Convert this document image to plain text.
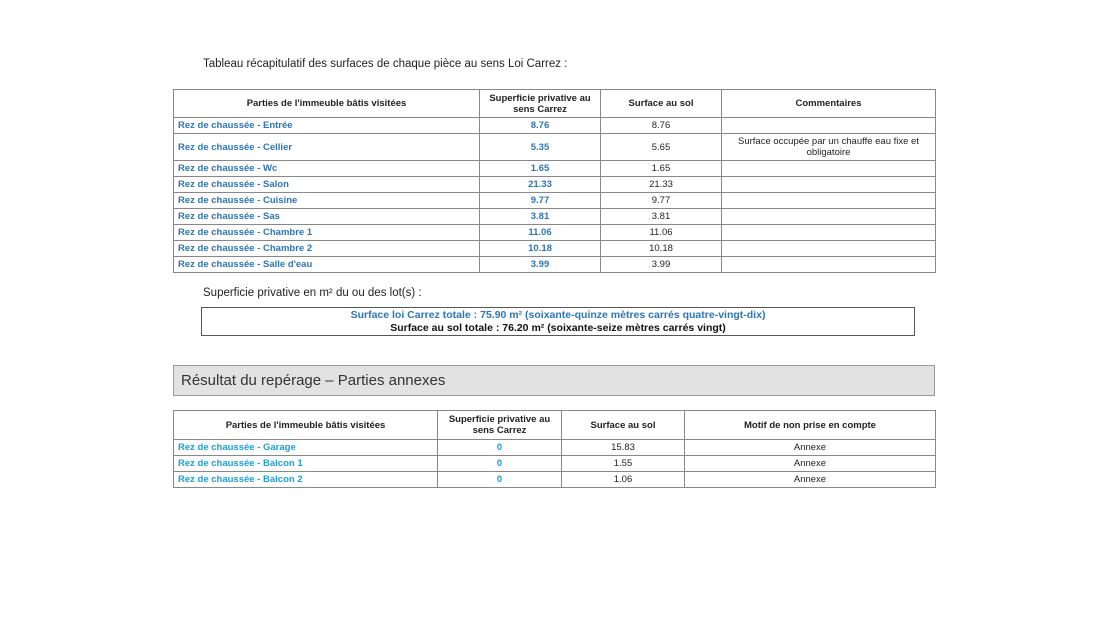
Tableau récapitulatif des surfaces de chaque pièce au sens Loi Carrez :
Parties de l'immeuble bâtis visitées	Superficie privative au sens Carrez	Surface au sol	Commentaires
Rez de chaussée - Entrée	8.76	8.76	
Rez de chaussée - Cellier	5.35	5.65	Surface occupée par un chauffe eau fixe et obligatoire
Rez de chaussée - Wc	1.65	1.65	
Rez de chaussée - Salon	21.33	21.33	
Rez de chaussée - Cuisine	9.77	9.77	
Rez de chaussée - Sas	3.81	3.81	
Rez de chaussée - Chambre 1	11.06	11.06	
Rez de chaussée - Chambre 2	10.18	10.18	
Rez de chaussée - Salle d'eau	3.99	3.99	
Superficie privative en m² du ou des lot(s) :
Surface loi Carrez totale : 75.90 m² (soixante-quinze mètres carrés quatre-vingt-dix)
Surface au sol totale : 76.20 m² (soixante-seize mètres carrés vingt)
Résultat du repérage – Parties annexes
Parties de l'immeuble bâtis visitées	Superficie privative au sens Carrez	Surface au sol	Motif de non prise en compte
Rez de chaussée - Garage	0	15.83	Annexe
Rez de chaussée - Balcon 1	0	1.55	Annexe
Rez de chaussée - Balcon 2	0	1.06	Annexe
